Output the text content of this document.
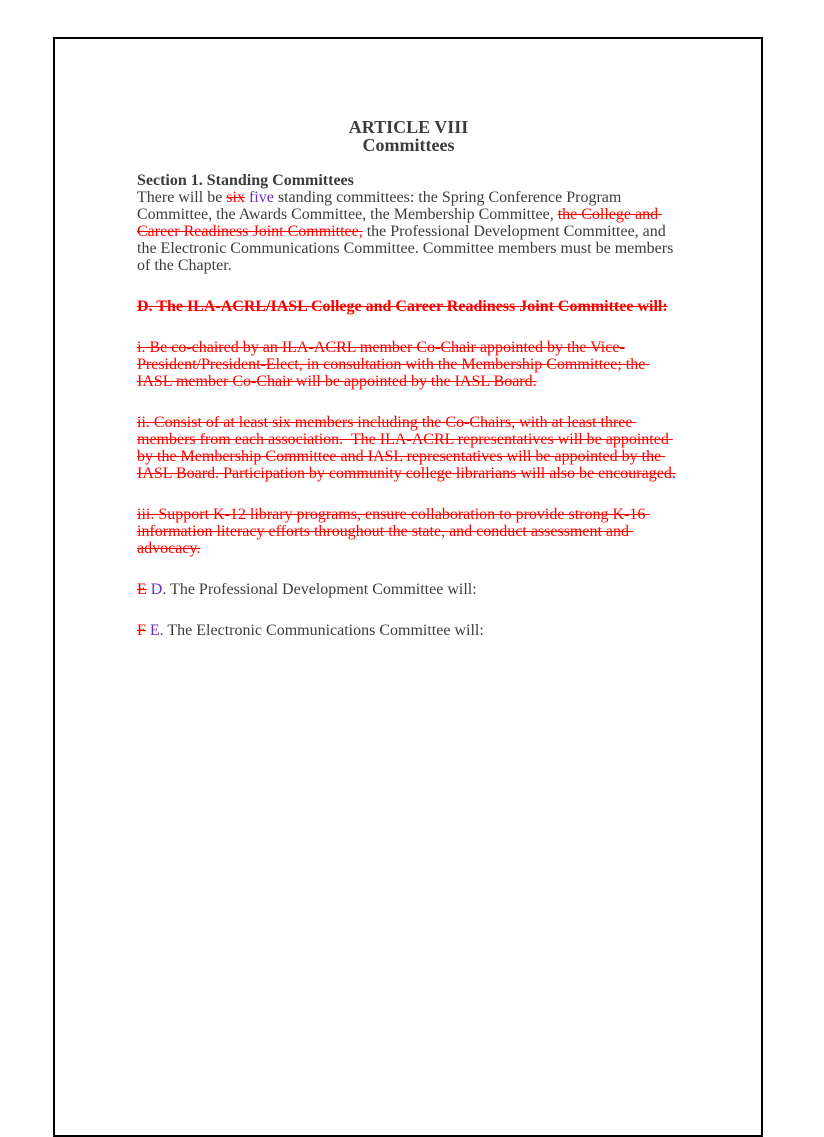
ARTICLE VIII
Committees
Section 1. Standing Committees

There will be six five standing committees: the Spring Conference Program Committee, the Awards Committee, the Membership Committee, the College and Career Readiness Joint Committee, the Professional Development Committee, and the Electronic Communications Committee. Committee members must be members of the Chapter.

D. The ILA-ACRL/IASL College and Career Readiness Joint Committee will:

i. Be co-chaired by an ILA-ACRL member Co-Chair appointed by the Vice-President/President-Elect, in consultation with the Membership Committee; the IASL member Co-Chair will be appointed by the IASL Board.

ii. Consist of at least six members including the Co-Chairs, with at least three members from each association.  The ILA-ACRL representatives will be appointed by the Membership Committee and IASL representatives will be appointed by the IASL Board. Participation by community college librarians will also be encouraged.

iii. Support K-12 library programs, ensure collaboration to provide strong K-16 information literacy efforts throughout the state, and conduct assessment and advocacy.

E D. The Professional Development Committee will:

F E. The Electronic Communications Committee will:
